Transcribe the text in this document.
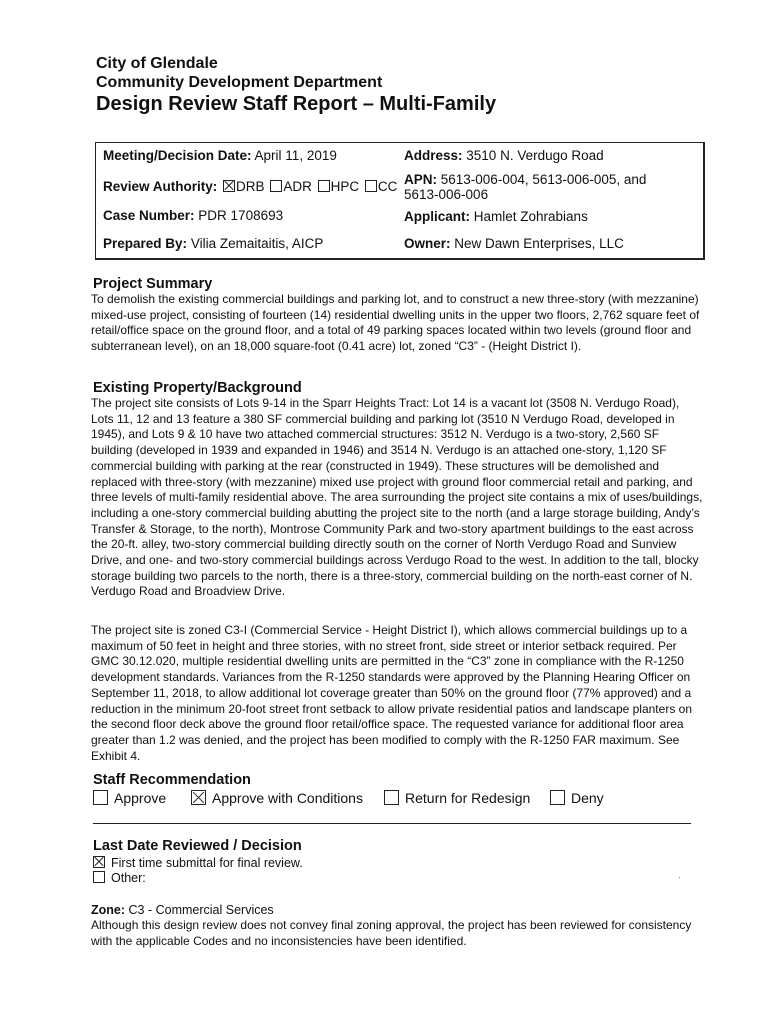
City of Glendale
Community Development Department
Design Review Staff Report – Multi-Family
Meeting/Decision Date: April 11, 2019	Address: 3510 N. Verdugo Road
Review Authority: DRB ADR HPC CC APN: 5613-006-004, 5613-006-005, and
5613-006-006
Case Number: PDR 1708693	Applicant: Hamlet Zohrabians
Prepared By: Vilia Zemaitaitis, AICP	Owner: New Dawn Enterprises, LLC
Project Summary

To demolish the existing commercial buildings and parking lot, and to construct a new three-story (with mezzanine) mixed-use project, consisting of fourteen (14) residential dwelling units in the upper two floors, 2,762 square feet of retail/office space on the ground floor, and a total of 49 parking spaces located within two levels (ground floor and subterranean level), on an 18,000 square-foot (0.41 acre) lot, zoned “C3” - (Height District I).

Existing Property/Background

The project site consists of Lots 9-14 in the Sparr Heights Tract: Lot 14 is a vacant lot (3508 N. Verdugo Road), Lots 11, 12 and 13 feature a 380 SF commercial building and parking lot (3510 N Verdugo Road, developed in 1945), and Lots 9 & 10 have two attached commercial structures: 3512 N. Verdugo is a two-story, 2,560 SF building (developed in 1939 and expanded in 1946) and 3514 N. Verdugo is an attached one-story, 1,120 SF commercial building with parking at the rear (constructed in 1949). These structures will be demolished and replaced with three-story (with mezzanine) mixed use project with ground floor commercial retail and parking, and three levels of multi-family residential above. The area surrounding the project site contains a mix of uses/buildings, including a one-story commercial building abutting the project site to the north (and a large storage building, Andy’s Transfer & Storage, to the north), Montrose Community Park and two-story apartment buildings to the east across the 20-ft. alley, two-story commercial building directly south on the corner of North Verdugo Road and Sunview Drive, and one- and two-story commercial buildings across Verdugo Road to the west. In addition to the tall, blocky storage building two parcels to the north, there is a three-story, commercial building on the north-east corner of N. Verdugo Road and Broadview Drive.

The project site is zoned C3-I (Commercial Service - Height District I), which allows commercial buildings up to a maximum of 50 feet in height and three stories, with no street front, side street or interior setback required. Per GMC 30.12.020, multiple residential dwelling units are permitted in the “C3” zone in compliance with the R-1250 development standards. Variances from the R-1250 standards were approved by the Planning Hearing Officer on September 11, 2018, to allow additional lot coverage greater than 50% on the ground floor (77% approved) and a reduction in the minimum 20-foot street front setback to allow private residential patios and landscape planters on the second floor deck above the ground floor retail/office space. The requested variance for additional floor area greater than 1.2 was denied, and the project has been modified to comply with the R-1250 FAR maximum. See Exhibit 4.

Staff Recommendation
Approve	Approve with Conditions	Return for Redesign	Deny
Last Date Reviewed / Decision
First time submittal for final review.
Other:	·
Zone: C3 - Commercial Services

Although this design review does not convey final zoning approval, the project has been reviewed for consistency with the applicable Codes and no inconsistencies have been identified.
